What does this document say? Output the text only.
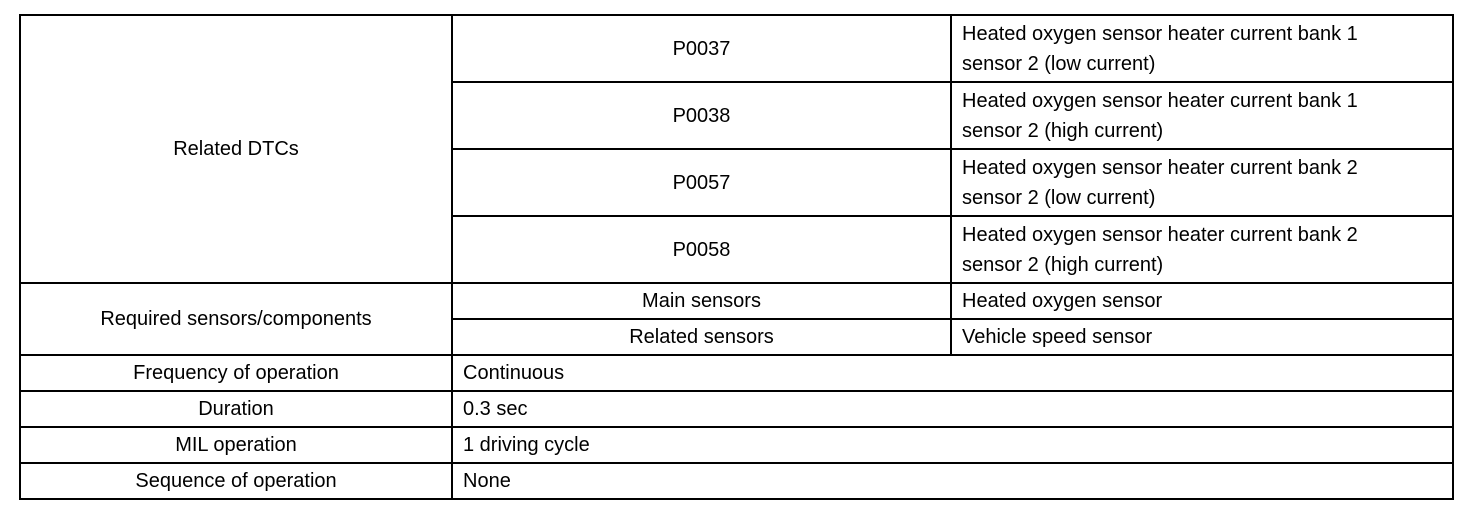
Related DTCs	P0037	Heated oxygen sensor heater current bank 1
sensor 2 (low current)

	P0038	Heated oxygen sensor heater current bank 1
sensor 2 (high current)

	P0057	Heated oxygen sensor heater current bank 2
sensor 2 (low current)

	P0058	Heated oxygen sensor heater current bank 2
sensor 2 (high current)

Required sensors/components	Main sensors	Heated oxygen sensor
	Related sensors	Vehicle speed sensor
Frequency of operation	Continuous	
Duration	0.3 sec	
MIL operation	1 driving cycle	
Sequence of operation	None	
